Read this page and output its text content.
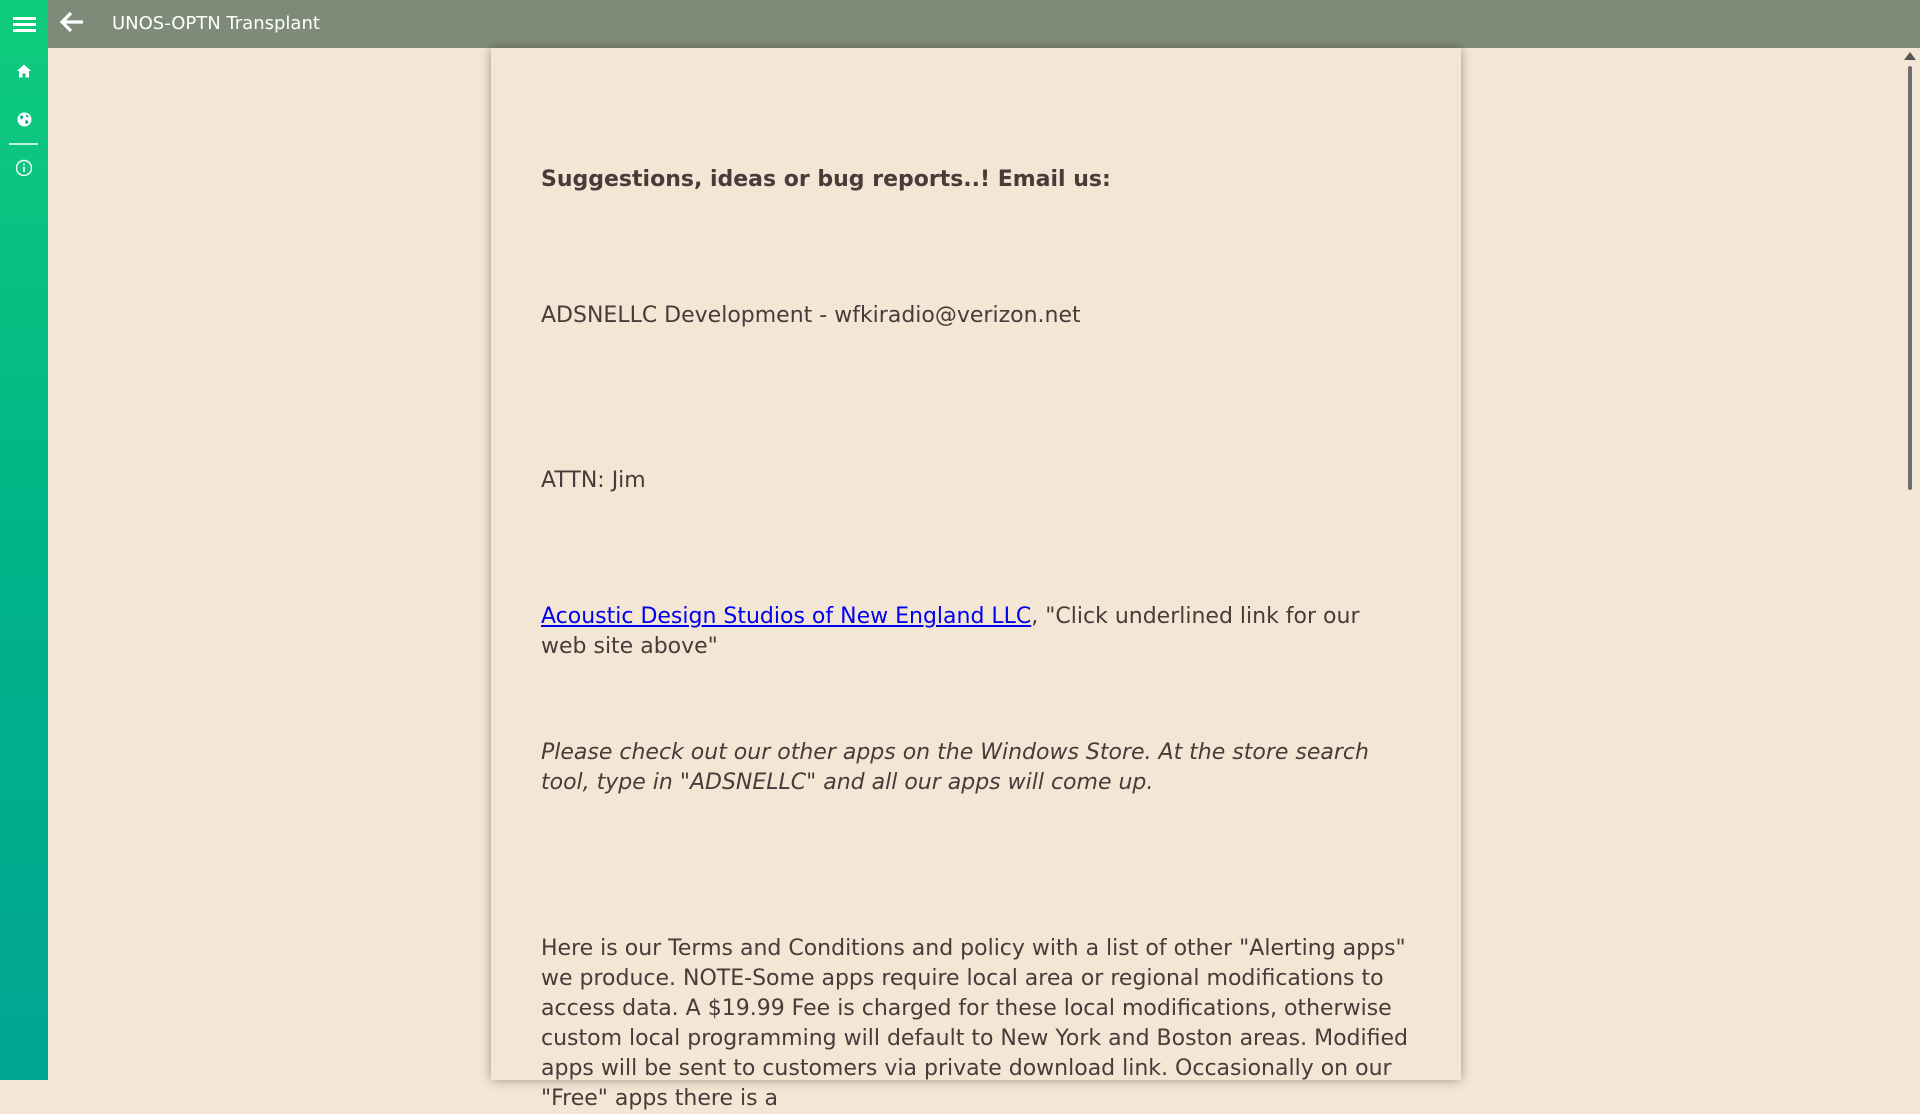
UNOS-OPTN Transplant
Suggestions, ideas or bug reports..! Email us:
ADSNELLC Development - wfkiradio@verizon.net
ATTN: Jim
Acoustic Design Studios of New England LLC, "Click underlined link for our web site above"
Please check out our other apps on the Windows Store. At the store search tool, type in "ADSNELLC" and all our apps will come up.
Here is our Terms and Conditions and policy with a list of other "Alerting apps" we produce. NOTE-Some apps require local area or regional modifications to access data. A $19.99 Fee is charged for these local modifications, otherwise custom local programming will default to New York and Boston areas. Modified apps will be sent to customers via private download link. Occasionally on our "Free" apps there is a
